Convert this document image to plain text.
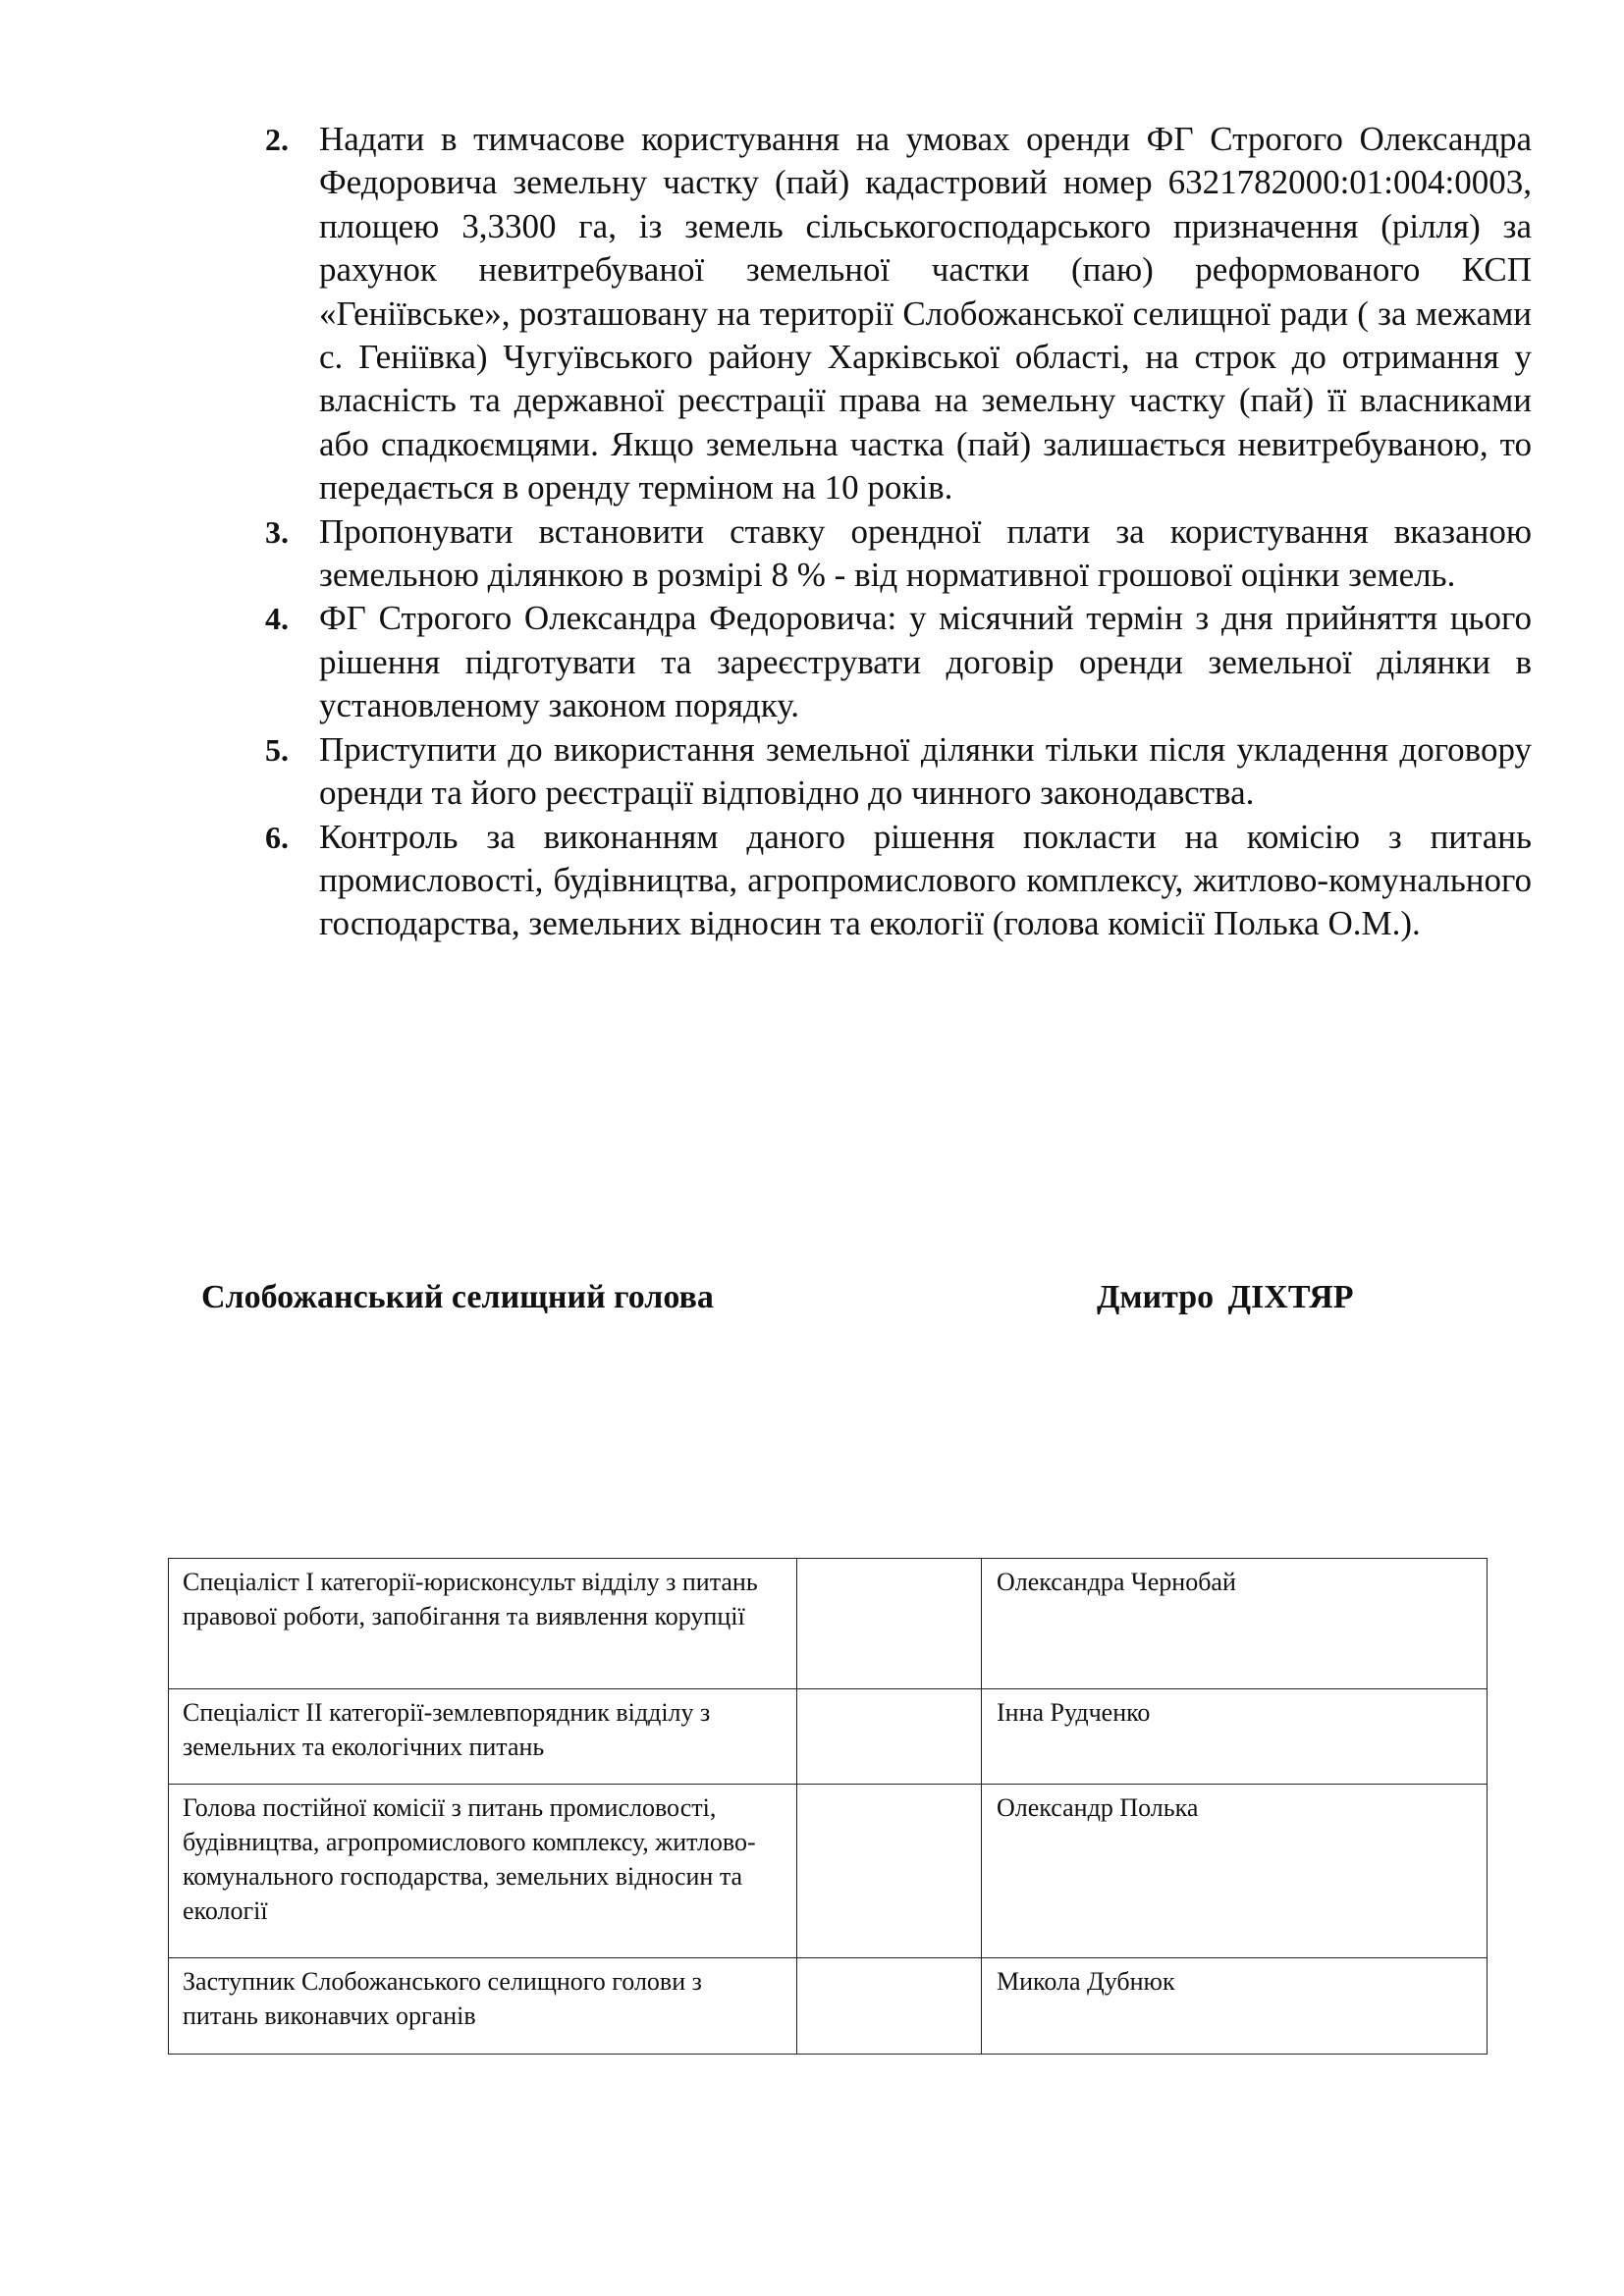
2. Надати в тимчасове користування на умовах оренди ФГ Строгого Олександра Федоровича земельну частку (пай) кадастровий номер 6321782000:01:004:0003, площею 3,3300 га, із земель сільськогосподарського призначення (рілля) за рахунок невитребуваної земельної частки (паю) реформованого КСП «Геніївське», розташовану на території Слобожанської селищної ради ( за межами с. Геніївка) Чугуївського району Харківської області, на строк до отримання у власність та державної реєстрації права на земельну частку (пай) її власниками або спадкоємцями. Якщо земельна частка (пай) залишається невитребуваною, то передається в оренду терміном на 10 років.
3. Пропонувати встановити ставку орендної плати за користування вказаною земельною ділянкою в розмірі 8 % - від нормативної грошової оцінки земель.
4. ФГ Строгого Олександра Федоровича: у місячний термін з дня прийняття цього рішення підготувати та зареєструвати договір оренди земельної ділянки в установленому законом порядку.
5. Приступити до використання земельної ділянки тільки після укладення договору оренди та його реєстрації відповідно до чинного законодавства.
6. Контроль за виконанням даного рішення покласти на комісію з питань промисловості, будівництва, агропромислового комплексу, житлово-комунального господарства, земельних відносин та екології (голова комісії Полька О.М.).
Слобожанський селищний голова	Дмитро ДІХТЯР
Спеціаліст І категорії-юрисконсульт відділу з питань правової роботи, запобігання та виявлення корупції		Олександра Чернобай
Спеціаліст ІІ категорії-землевпорядник відділу з земельних та екологічних питань		Інна Рудченко
Голова постійної комісії з питань промисловості, будівництва, агропромислового комплексу, житлово-комунального господарства, земельних відносин та екології		Олександр Полька
Заступник Слобожанського селищного голови з питань виконавчих органів		Микола Дубнюк
